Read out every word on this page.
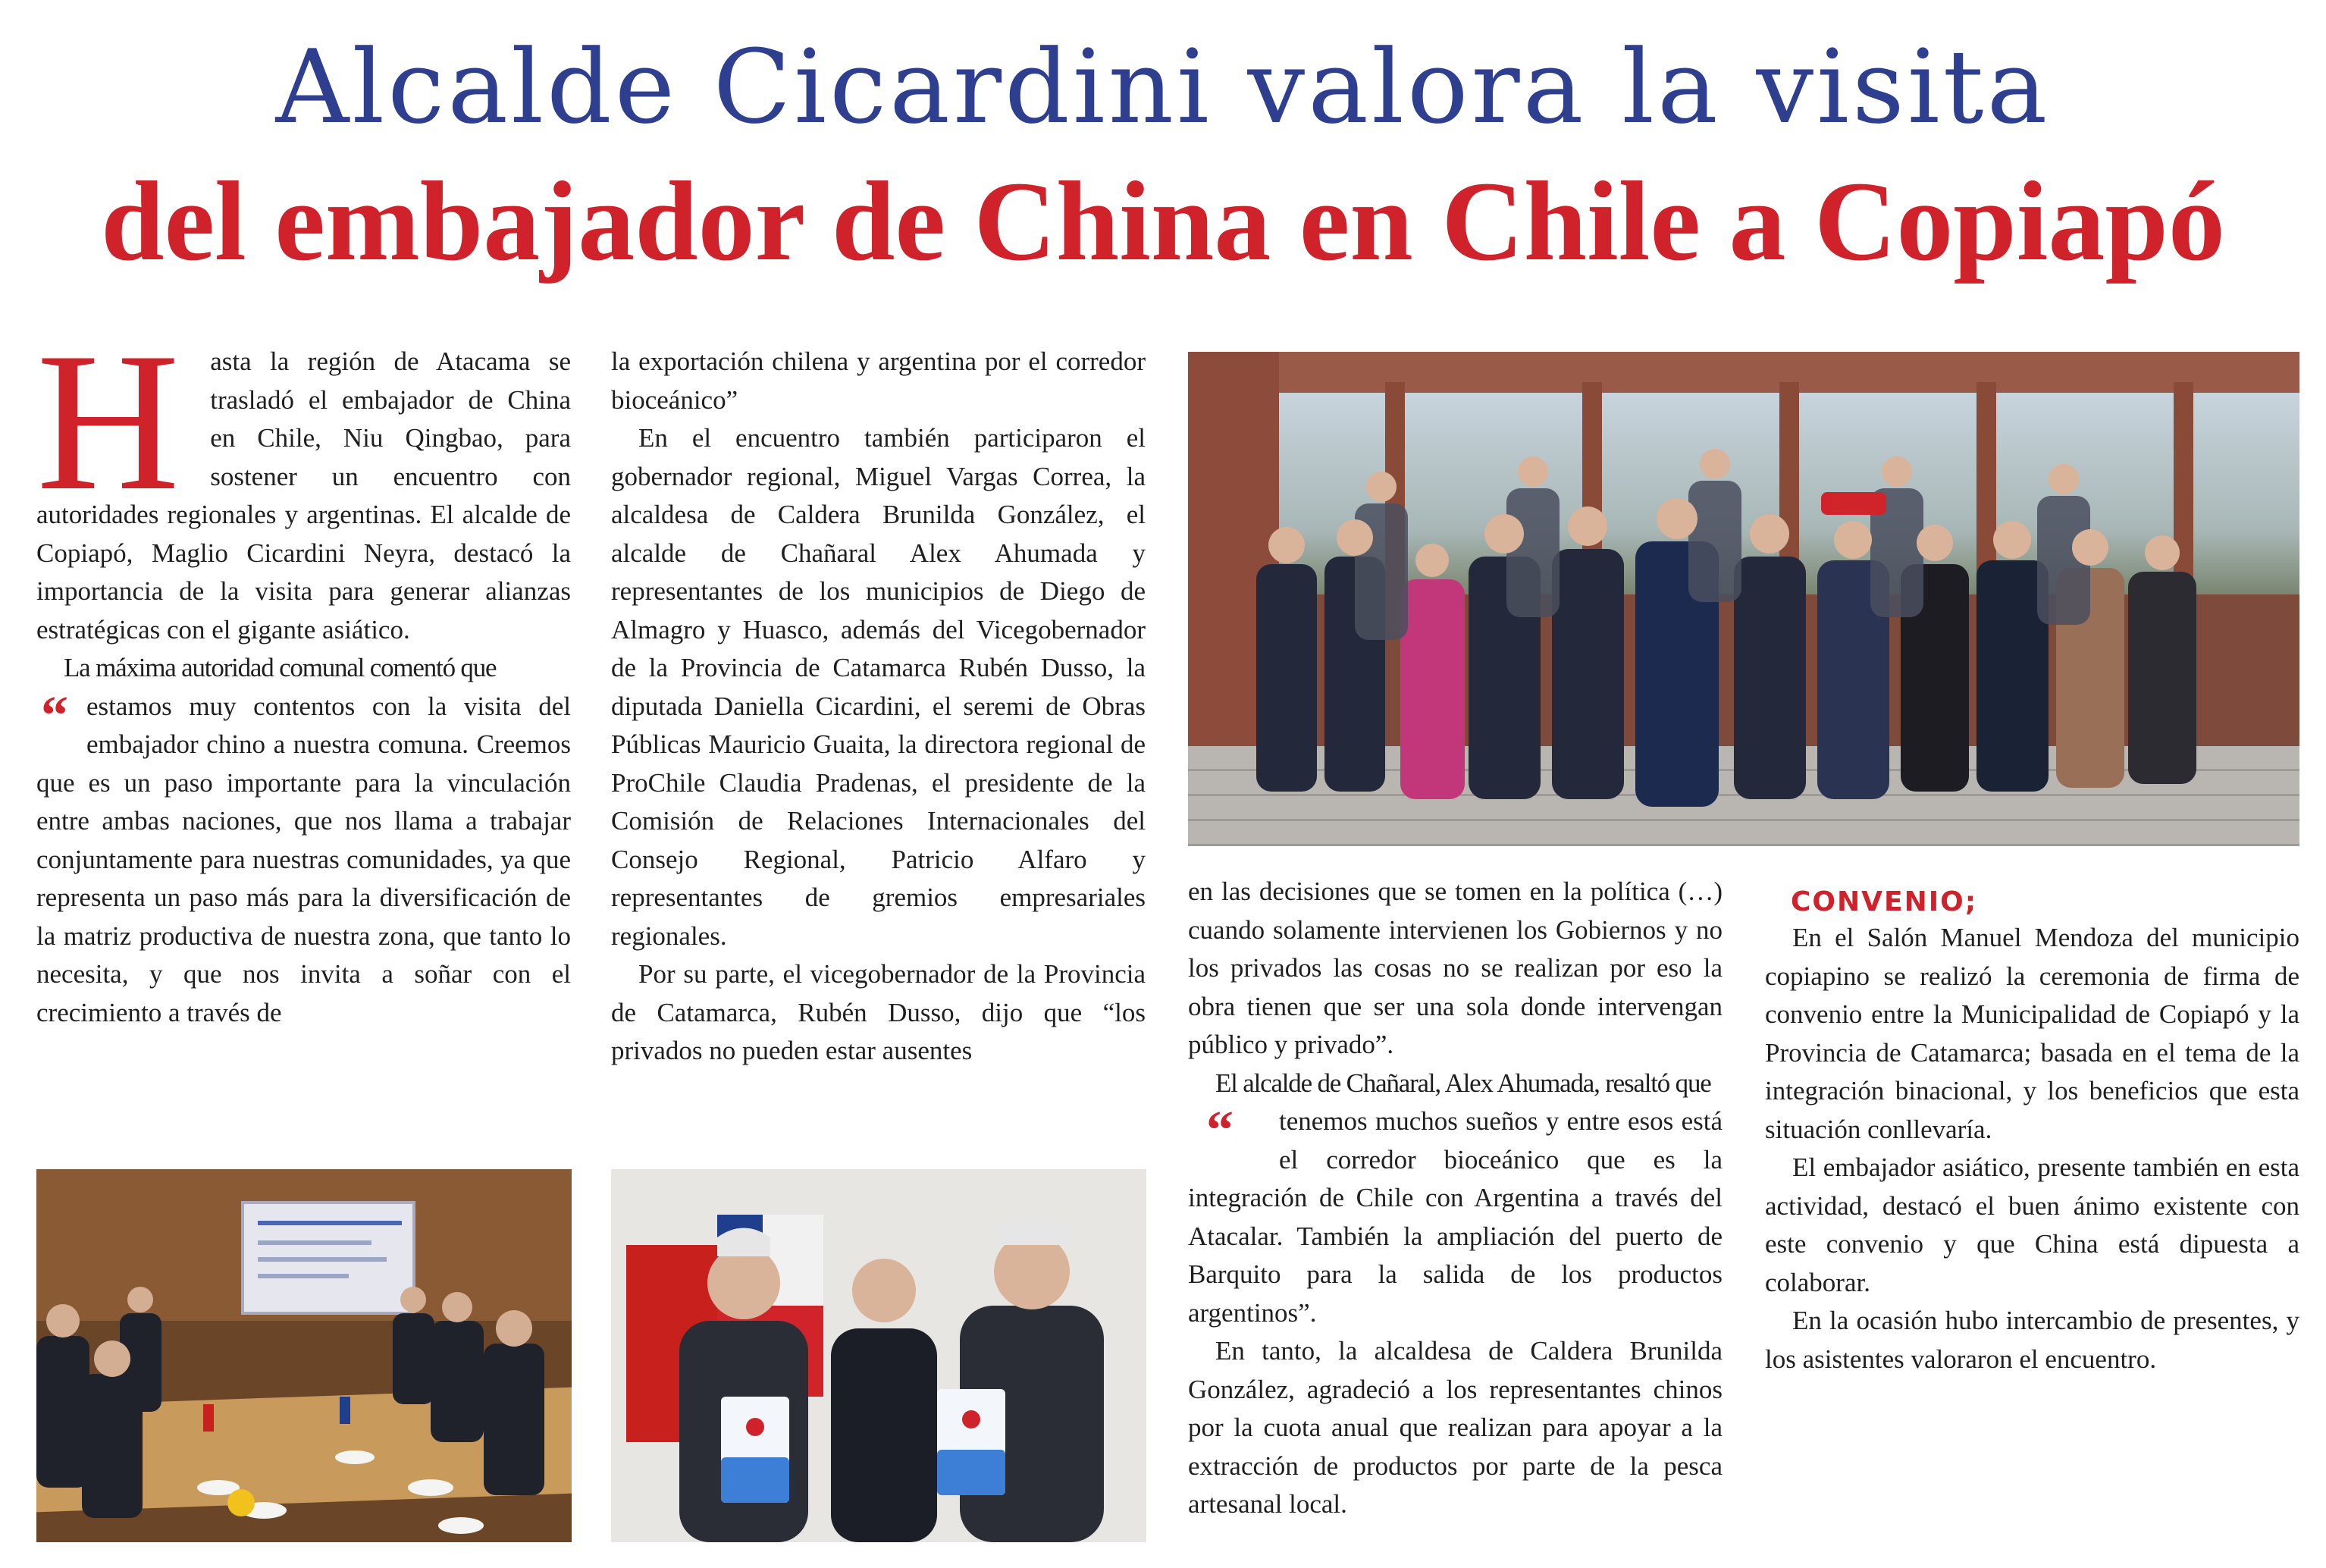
Alcalde Cicardini valora la visita
del embajador de China en Chile a Copiapó
H	asta la región de Atacama se trasladó el embajador de China en Chile, Niu Qingbao, para sostener un encuentro con autoridades regionales y argentinas. El alcalde de Copiapó, Maglio Cicardini Neyra, destacó la importancia de la visita para generar alianzas estratégicas con el gigante asiático.

La máxima autoridad comunal comentó que

“ estamos muy contentos con la visita del embajador chino a nuestra comuna. Creemos que es un paso importante para la vinculación entre ambas naciones, que nos llama a trabajar conjuntamente para nuestras comunidades, ya que representa un paso más para la diversificación de la matriz productiva de nuestra zona, que tanto lo necesita, y que nos invita a soñar con el crecimiento a través de

la exportación chilena y argentina por el corredor bioceánico”

En el encuentro también participaron el gobernador regional, Miguel Vargas Correa, la alcaldesa de Caldera Brunilda González, el alcalde de Chañaral Alex Ahumada y representantes de los municipios de Diego de Almagro y Huasco, además del Vicegobernador de la Provincia de Catamarca Rubén Dusso, la diputada Daniella Cicardini, el seremi de Obras Públicas Mauricio Guaita, la directora regional de ProChile Claudia Pradenas, el presidente de la Comisión de Relaciones Internacionales del Consejo Regional, Patricio Alfaro y representantes de gremios empresariales regionales.

Por su parte, el vicegobernador de la Provincia de Catamarca, Rubén Dusso, dijo que “los privados no pueden estar ausentes

en las decisiones que se tomen en la política (…) cuando solamente intervienen los Gobiernos y no los privados las cosas no se realizan por eso la obra tienen que ser una sola donde intervengan público y privado”.

El alcalde de Chañaral, Alex Ahumada, resaltó que

“	tenemos muchos sueños y entre esos está el corredor bioceánico que es la integración de Chile con Argentina a través del Atacalar. También la ampliación del puerto de Barquito para la salida de los productos argentinos”.

En tanto, la alcaldesa de Caldera Brunilda González, agradeció a los representantes chinos por la cuota anual que realizan para apoyar a la extracción de productos por parte de la pesca artesanal local.

CONVENIO;

En el Salón Manuel Mendoza del municipio copiapino se realizó la ceremonia de firma de convenio entre la Municipalidad de Copiapó y la Provincia de Catamarca; basada en el tema de la integración binacional, y los beneficios que esta situación conllevaría.

El embajador asiático, presente también en esta actividad, destacó el buen ánimo existente con este convenio y que China está dipuesta a colaborar.

En la ocasión hubo intercambio de presentes, y los asistentes valoraron el encuentro.
